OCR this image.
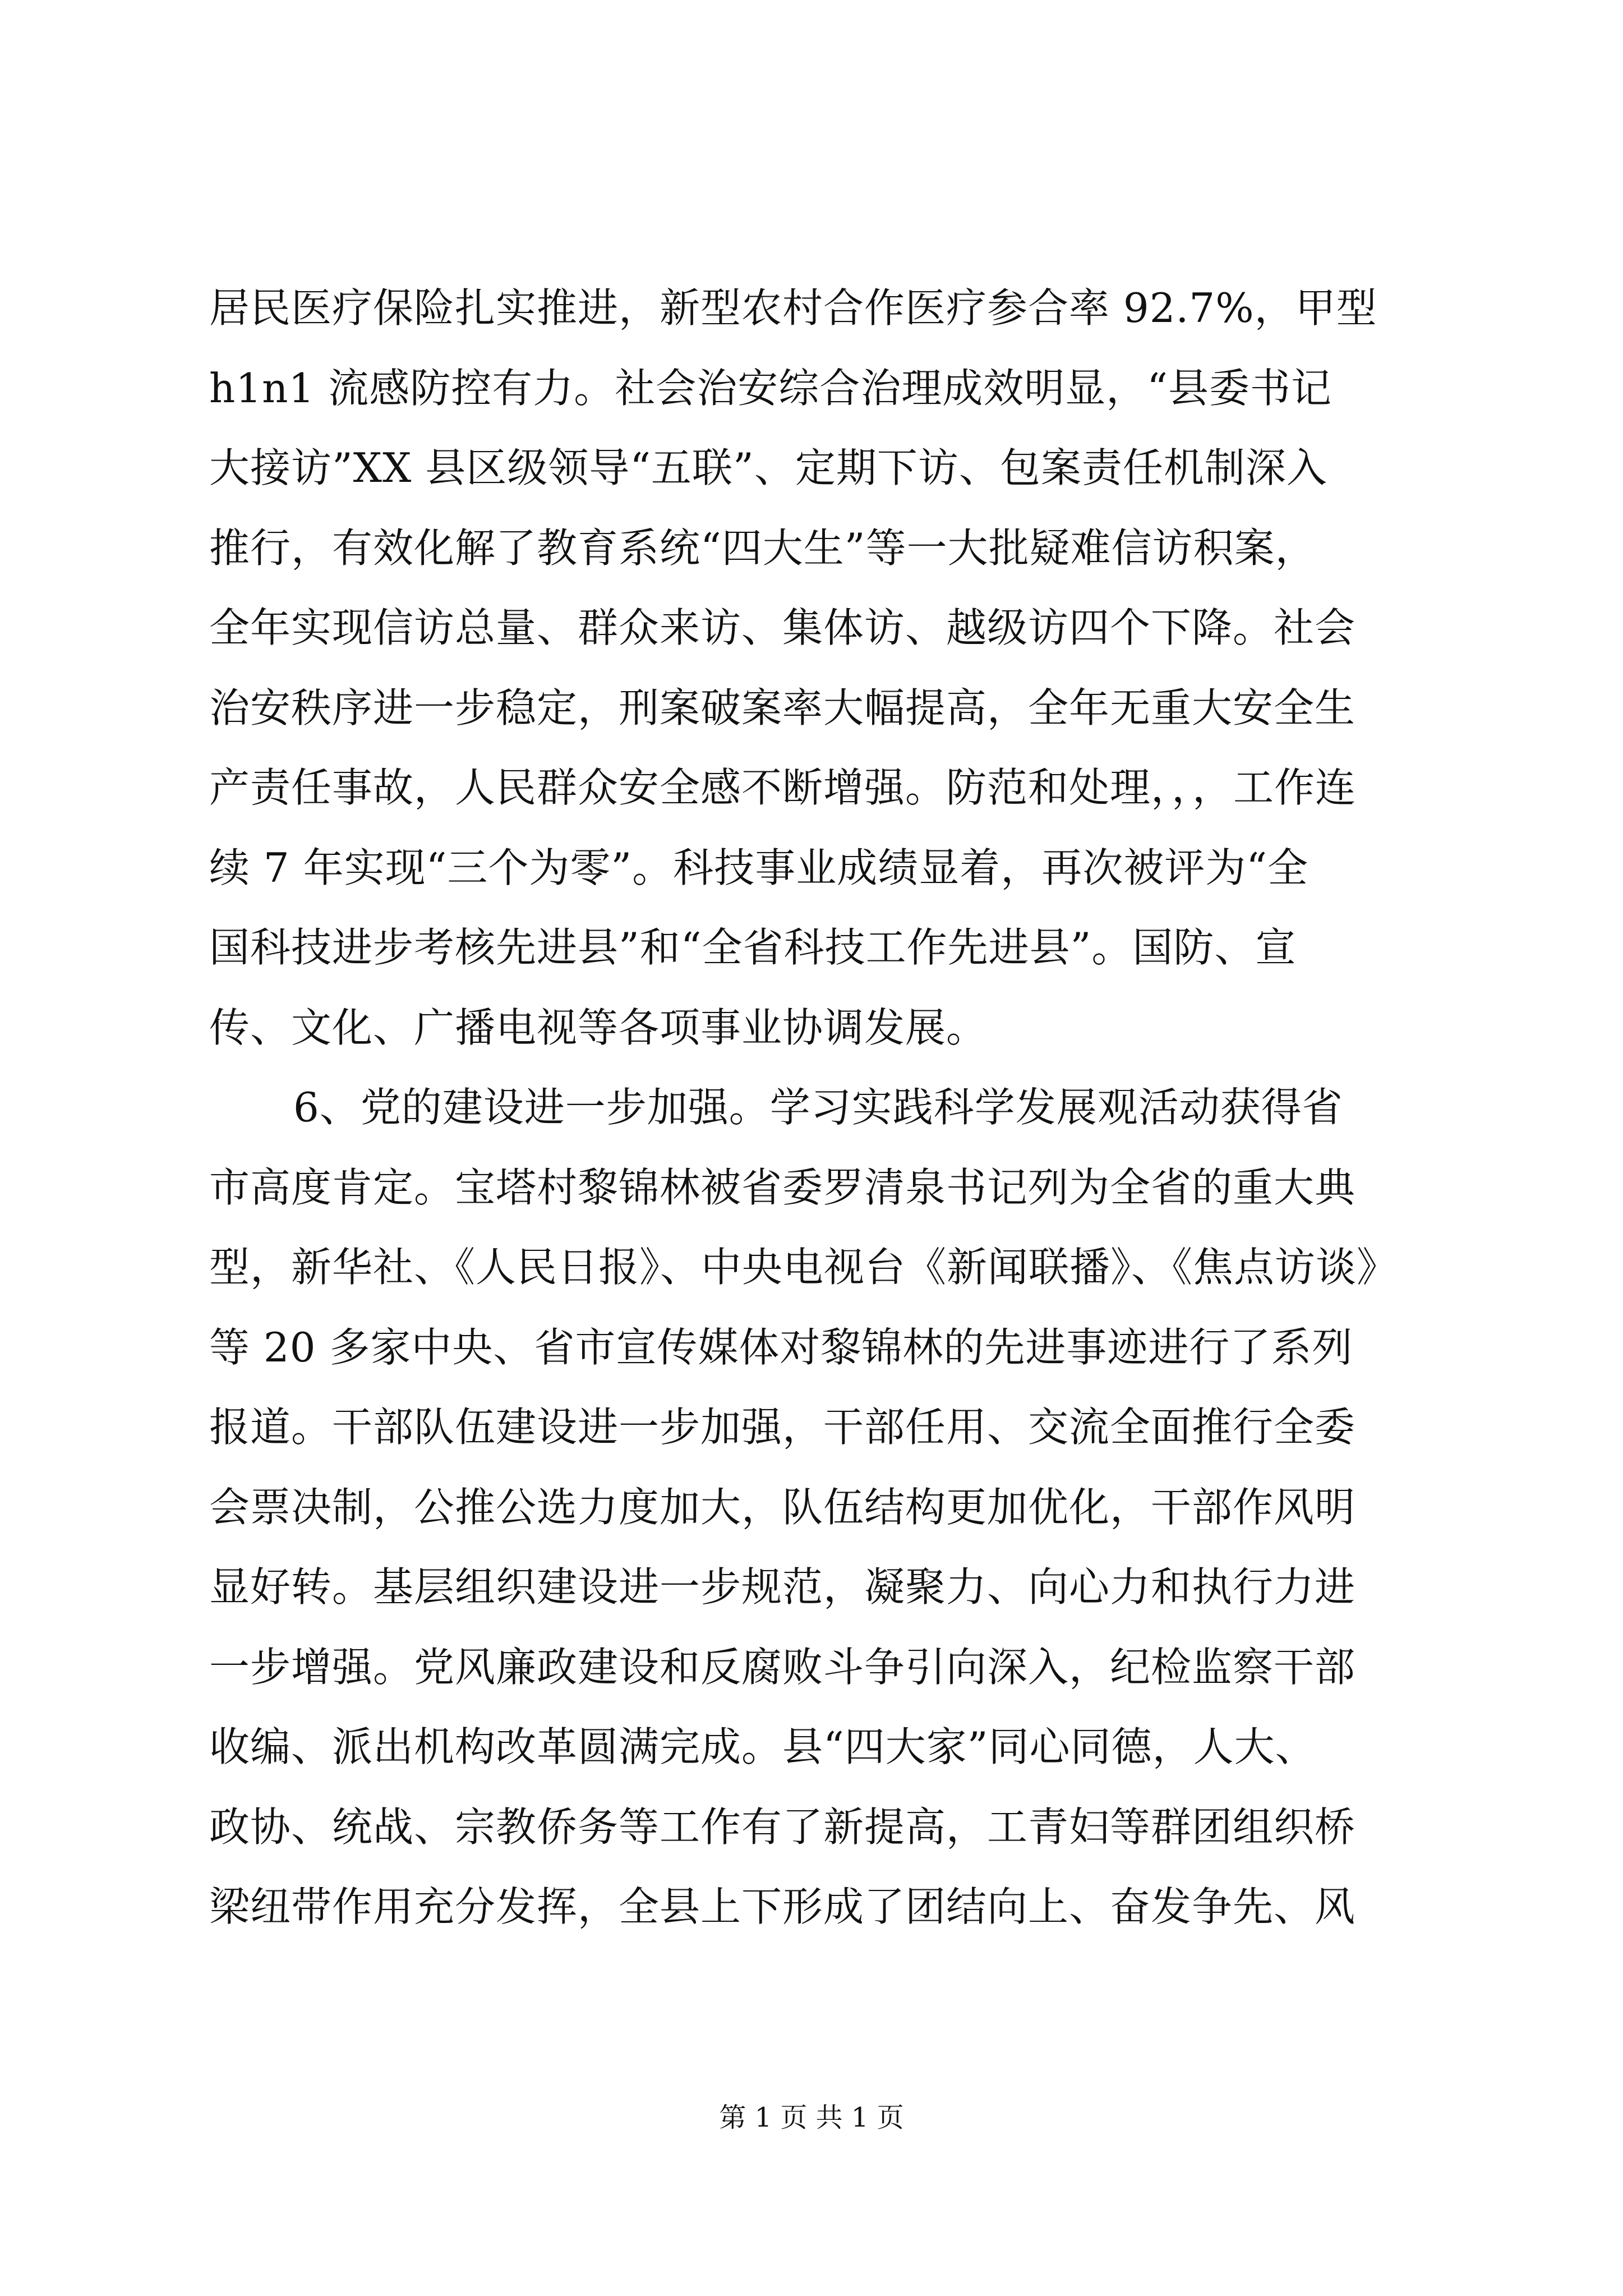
居民医疗保险扎实推进，新型农村合作医疗参合率 92.7%，甲型
h1n1 流感防控有力。社会治安综合治理成效明显，“县委书记
大接访”XX 县区级领导“五联”、定期下访、包案责任机制深入
推行，有效化解了教育系统“四大生”等一大批疑难信访积案，
全年实现信访总量、群众来访、集体访、越级访四个下降。社会
治安秩序进一步稳定，刑案破案率大幅提高，全年无重大安全生
产责任事故，人民群众安全感不断增强。防范和处理，，，工作连
续 7 年实现“三个为零”。科技事业成绩显着，再次被评为“全
国科技进步考核先进县”和“全省科技工作先进县”。国防、宣
传、文化、广播电视等各项事业协调发展。
6、党的建设进一步加强。学习实践科学发展观活动获得省
市高度肯定。宝塔村黎锦林被省委罗清泉书记列为全省的重大典
型，新华社、《人民日报》、中央电视台《新闻联播》、《焦点访谈》
等 20 多家中央、省市宣传媒体对黎锦林的先进事迹进行了系列
报道。干部队伍建设进一步加强，干部任用、交流全面推行全委
会票决制，公推公选力度加大，队伍结构更加优化，干部作风明
显好转。基层组织建设进一步规范，凝聚力、向心力和执行力进
一步增强。党风廉政建设和反腐败斗争引向深入，纪检监察干部
收编、派出机构改革圆满完成。县“四大家”同心同德，人大、
政协、统战、宗教侨务等工作有了新提高，工青妇等群团组织桥
梁纽带作用充分发挥，全县上下形成了团结向上、奋发争先、风
第 1 页 共 1 页
